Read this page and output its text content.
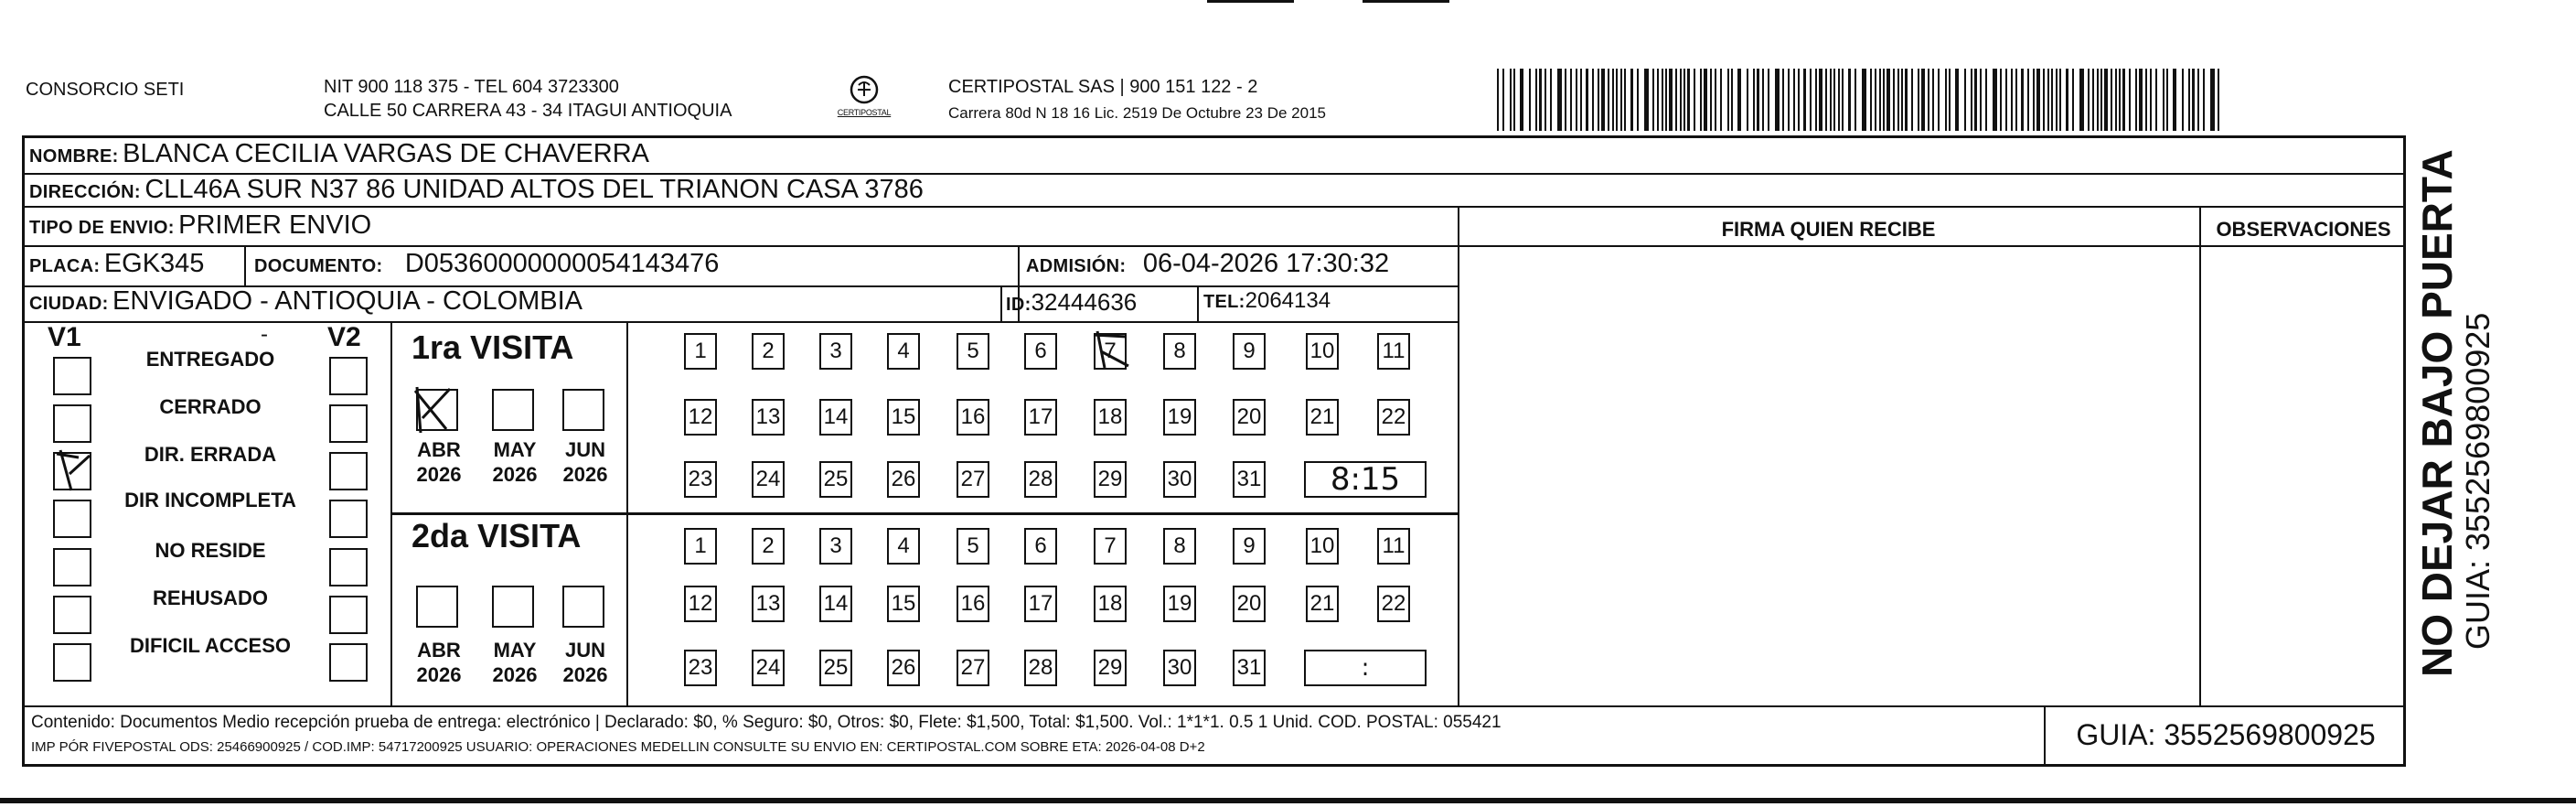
CONSORCIO SETI	NIT 900 118 375 - TEL 604 3723300
CALLE 50 CARRERA 43 - 34 ITAGUI ANTIOQUIA	CERTIPOSTAL
CERTIPOSTAL SAS | 900 151 122 - 2
Carrera 80d N 18 16 Lic. 2519 De Octubre 23 De 2015
NOMBRE: BLANCA CECILIA VARGAS DE CHAVERRA
DIRECCIÓN: CLL46A SUR N37 86 UNIDAD ALTOS DEL TRIANON CASA 3786
TIPO DE ENVIO: PRIMER ENVIO	FIRMA QUIEN RECIBE	OBSERVACIONES
PLACA: EGK345	DOCUMENTO: D05360000000054143476	ADMISIÓN: 06-04-2026 17:30:32
CIUDAD: ENVIGADO - ANTIOQUIA - COLOMBIA	ID:32444636	TEL:2064134
V1	V2
-
ENTREGADO
CERRADO
DIR. ERRADA
DIR INCOMPLETA
NO RESIDE
REHUSADO
DIFICIL ACCESO
1ra VISITA
2da VISITA
ABR
2026
MAY
2026
JUN
2026
ABR
2026
MAY
2026
JUN
2026
1	2	3	4	5	6	7	8	9	10 11
12 13 14 15 16 17 18 19 20 21 22
23 24 25 26 27 28 29 30 31	8:15
1	2	3	4	5	6	7	8	9	10 11
12 13 14 15 16 17 18 19 20 21 22
23 24 25 26 27 28 29 30 31	:
Contenido: Documentos Medio recepción prueba de entrega: electrónico | Declarado: $0, % Seguro: $0, Otros: $0, Flete: $1,500, Total: $1,500. Vol.: 1*1*1. 0.5 1 Unid. COD. POSTAL: 055421
IMP PÓR FIVEPOSTAL ODS: 25466900925 / COD.IMP: 54717200925 USUARIO: OPERACIONES MEDELLIN CONSULTE SU ENVIO EN: CERTIPOSTAL.COM SOBRE ETA: 2026-04-08 D+2	GUIA: 3552569800925
NO DEJAR BAJO PUERTA
GUIA: 3552569800925
